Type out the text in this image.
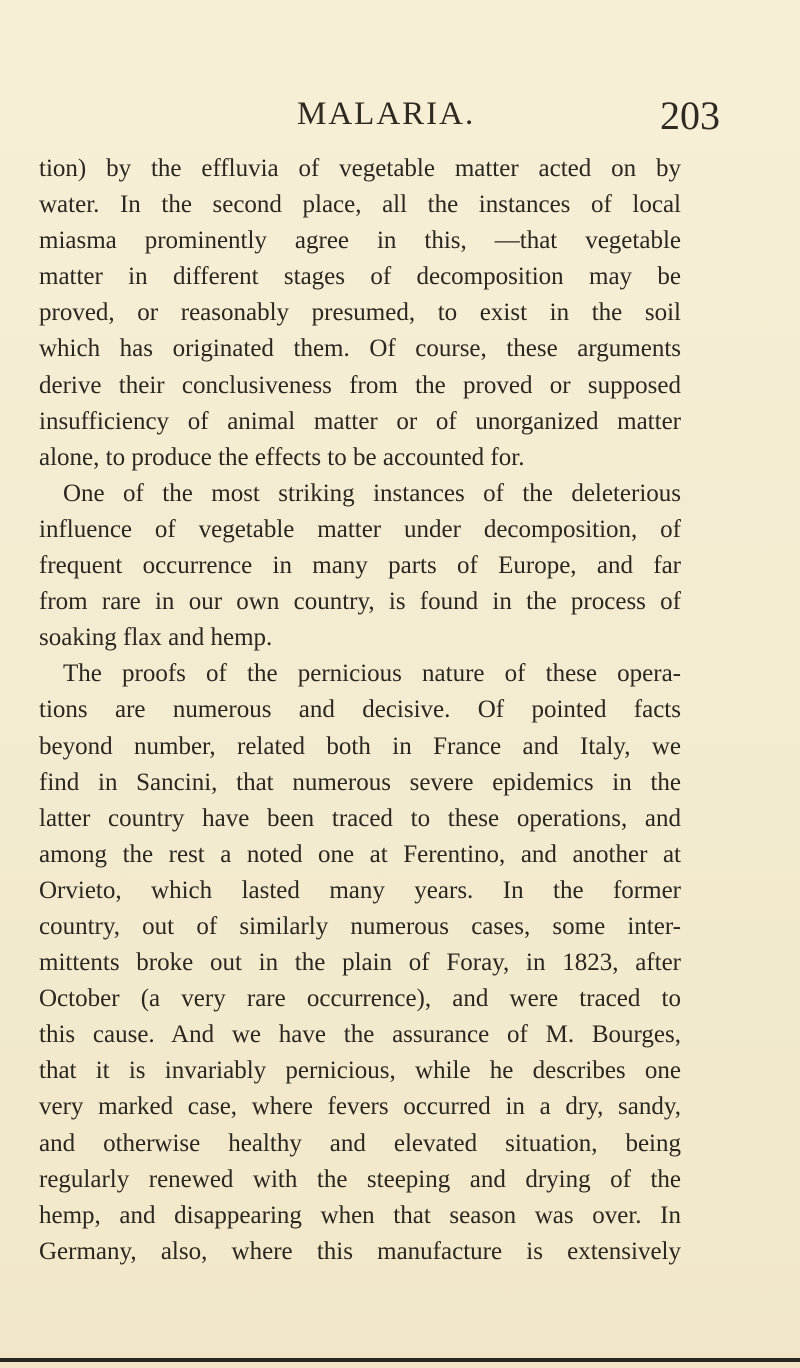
MALARIA.	203
tion) by the effluvia of vegetable matter acted on by
water. In the second place, all the instances of local
miasma prominently agree in this, —that vegetable
matter in different stages of decomposition may be
proved, or reasonably presumed, to exist in the soil
which has originated them. Of course, these arguments
derive their conclusiveness from the proved or supposed
insufficiency of animal matter or of unorganized matter
alone, to produce the effects to be accounted for.
One of the most striking instances of the deleterious
influence of vegetable matter under decomposition, of
frequent occurrence in many parts of Europe, and far
from rare in our own country, is found in the process of
soaking flax and hemp.
The proofs of the pernicious nature of these opera-
tions are numerous and decisive. Of pointed facts
beyond number, related both in France and Italy, we
find in Sancini, that numerous severe epidemics in the
latter country have been traced to these operations, and
among the rest a noted one at Ferentino, and another at
Orvieto, which lasted many years. In the former
country, out of similarly numerous cases, some inter-
mittents broke out in the plain of Foray, in 1823, after
October (a very rare occurrence), and were traced to
this cause. And we have the assurance of M. Bourges,
that it is invariably pernicious, while he describes one
very marked case, where fevers occurred in a dry, sandy,
and otherwise healthy and elevated situation, being
regularly renewed with the steeping and drying of the
hemp, and disappearing when that season was over. In
Germany, also, where this manufacture is extensively
